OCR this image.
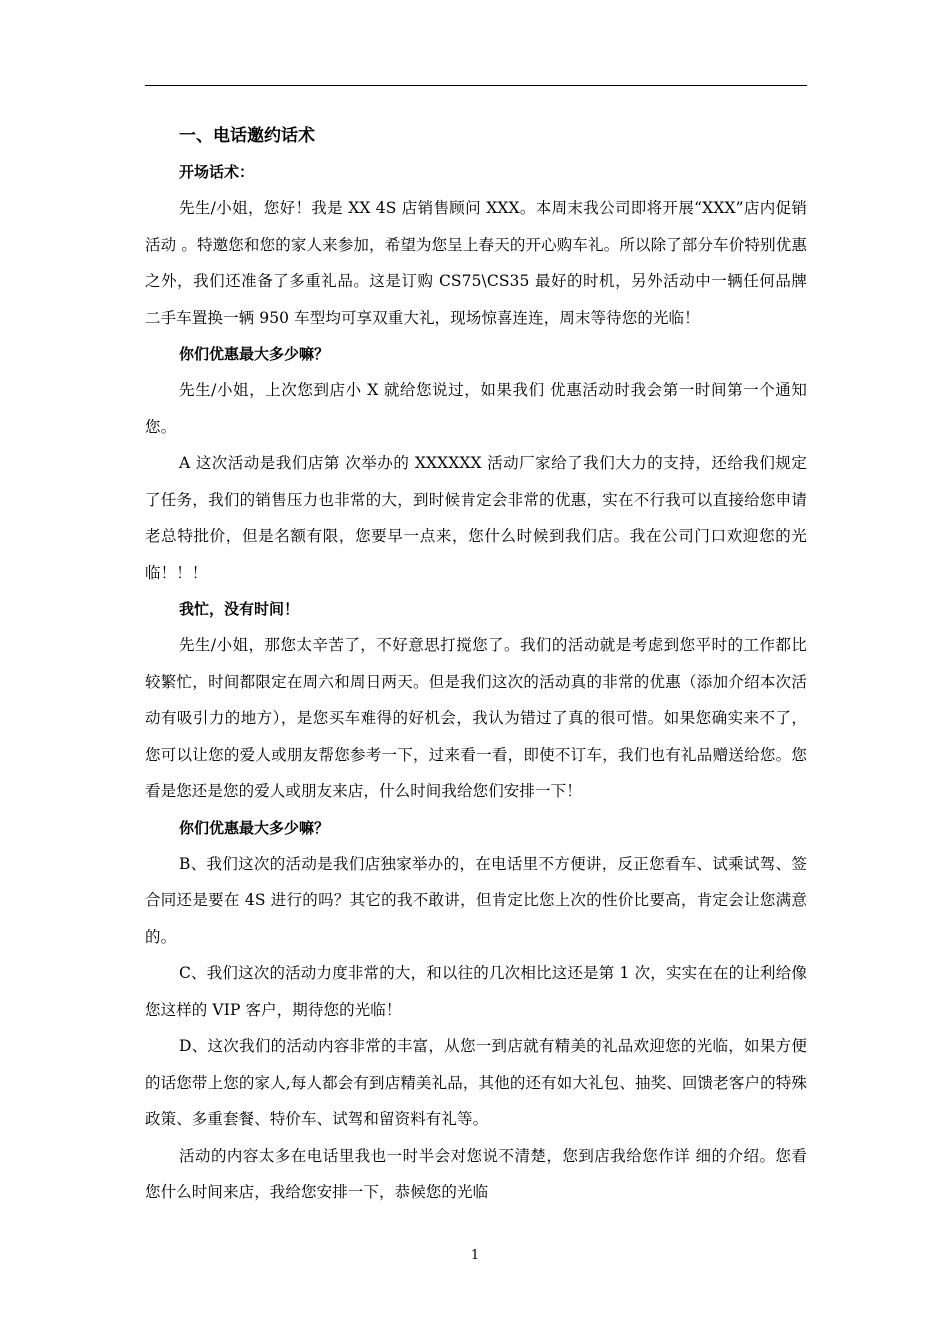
一、电话邀约话术

开场话术：

先生/小姐，您好！我是 XX 4S 店销售顾问 XXX。本周末我公司即将开展“XXX”店内促销活动 。特邀您和您的家人来参加，希望为您呈上春天的开心购车礼。所以除了部分车价特别优惠之外，我们还准备了多重礼品。这是订购 CS75\CS35 最好的时机，另外活动中一辆任何品牌二手车置换一辆 950 车型均可享双重大礼，现场惊喜连连，周末等待您的光临！

你们优惠最大多少嘛？

先生/小姐，上次您到店小 X 就给您说过，如果我们 优惠活动时我会第一时间第一个通知您。

A 这次活动是我们店第 次举办的 XXXXXX 活动厂家给了我们大力的支持，还给我们规定了任务，我们的销售压力也非常的大，到时候肯定会非常的优惠，实在不行我可以直接给您申请老总特批价，但是名额有限，您要早一点来，您什么时候到我们店。我在公司门口欢迎您的光临！！！

我忙，没有时间！

先生/小姐，那您太辛苦了，不好意思打搅您了。我们的活动就是考虑到您平时的工作都比较繁忙，时间都限定在周六和周日两天。但是我们这次的活动真的非常的优惠（添加介绍本次活动有吸引力的地方），是您买车难得的好机会，我认为错过了真的很可惜。如果您确实来不了，您可以让您的爱人或朋友帮您参考一下，过来看一看，即使不订车，我们也有礼品赠送给您。您看是您还是您的爱人或朋友来店，什么时间我给您们安排一下！

你们优惠最大多少嘛？

B、我们这次的活动是我们店独家举办的，在电话里不方便讲，反正您看车、试乘试驾、签合同还是要在 4S 进行的吗？其它的我不敢讲，但肯定比您上次的性价比要高，肯定会让您满意的。

C、我们这次的活动力度非常的大，和以往的几次相比这还是第 1 次，实实在在的让利给像您这样的 VIP 客户，期待您的光临！

D、这次我们的活动内容非常的丰富，从您一到店就有精美的礼品欢迎您的光临，如果方便的话您带上您的家人,每人都会有到店精美礼品，其他的还有如大礼包、抽奖、回馈老客户的特殊政策、多重套餐、特价车、试驾和留资料有礼等。

活动的内容太多在电话里我也一时半会对您说不清楚，您到店我给您作详 细的介绍。您看您什么时间来店，我给您安排一下，恭候您的光临

1
